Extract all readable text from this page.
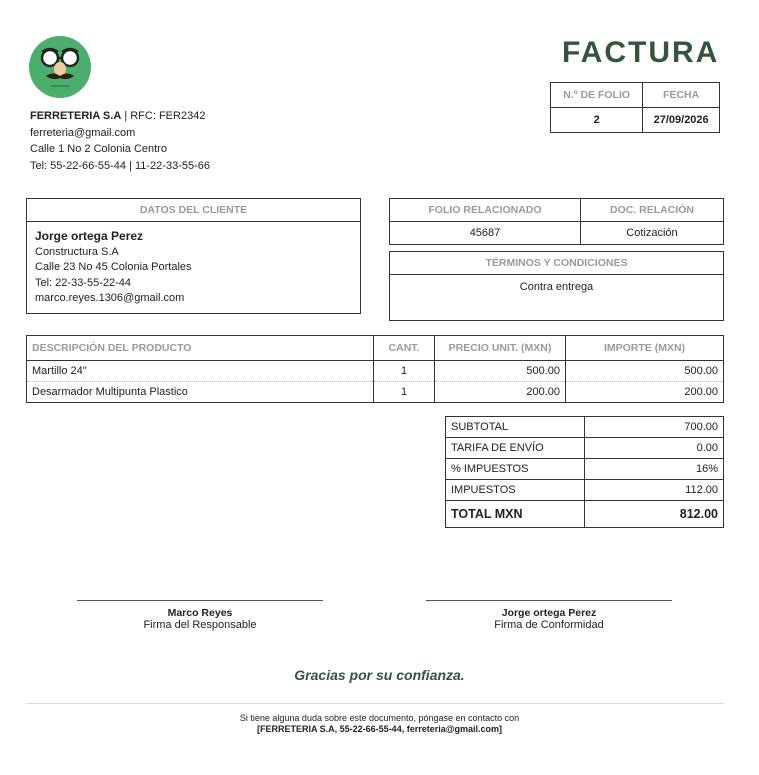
FERRETERIA
FACTURA
N.º DE FOLIO	FECHA
2	27/09/2026
FERRETERIA S.A | RFC: FER2342
ferreteria@gmail.com
Calle 1 No 2 Colonia Centro
Tel: 55-22-66-55-44 | 11-22-33-55-66
DATOS DEL CLIENTE
Jorge ortega Perez
Constructura S.A
Calle 23 No 45 Colonia Portales
Tel: 22-33-55-22-44
marco.reyes.1306@gmail.com
FOLIO RELACIONADO	DOC. RELACIÓN
45687	Cotización
TÉRMINOS Y CONDICIONES
Contra entrega
DESCRIPCIÓN DEL PRODUCTO	CANT.	PRECIO UNIT. (MXN)	IMPORTE (MXN)
Martillo 24"	1	500.00	500.00
Desarmador Multipunta Plastico	1	200.00	200.00
SUBTOTAL	700.00
TARIFA DE ENVÍO	0.00
% IMPUESTOS	16%
IMPUESTOS	112.00
TOTAL MXN	812.00
Marco Reyes
Firma del Responsable
Jorge ortega Perez
Firma de Conformidad
Gracias por su confianza.
Si tiene alguna duda sobre este documento, póngase en contacto con
[FERRETERIA S.A, 55-22-66-55-44, ferreteria@gmail.com]
